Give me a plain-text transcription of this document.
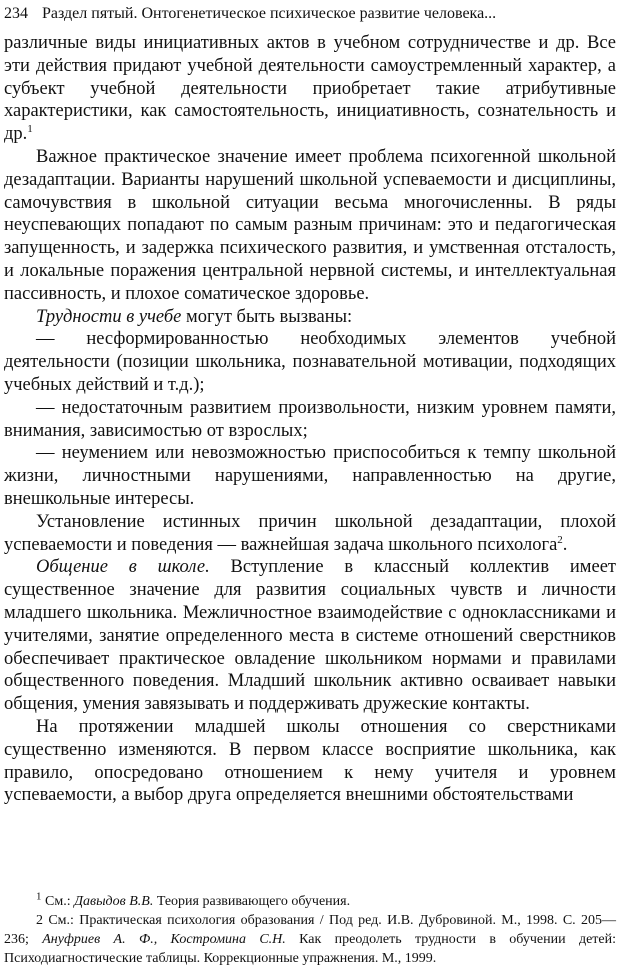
234 Раздел пятый. Онтогенетическое психическое развитие человека...

различные виды инициативных актов в учебном сотрудничестве и др. Все эти действия придают учебной деятельности самоустремленный характер, а субъект учебной деятельности приобретает такие атрибутивные характеристики, как самостоятельность, инициативность, сознательность и др.$^1$

Важное практическое значение имеет проблема психогенной школьной дезадаптации. Варианты нарушений школьной успеваемости и дисциплины, самочувствия в школьной ситуации весьма многочисленны. В ряды неуспевающих попадают по самым разным причинам: это и педагогическая запущенность, и задержка психического развития, и умственная отсталость, и локальные поражения центральной нервной системы, и интеллектуальная пассивность, и плохое соматическое здоровье.

Трудности в учебе могут быть вызваны:

— несформированностью необходимых элементов учебной деятельности (позиции школьника, познавательной мотивации, подходящих учебных действий и т.д.);

— недостаточным развитием произвольности, низким уровнем памяти, внимания, зависимостью от взрослых;

— неумением или невозможностью приспособиться к темпу школьной жизни, личностными нарушениями, направленностью на другие, внешкольные интересы.

Установление истинных причин школьной дезадаптации, плохой успеваемости и поведения — важнейшая задача школьного психолога$^2$.

Общение в школе. Вступление в классный коллектив имеет существенное значение для развития социальных чувств и личности младшего школьника. Межличностное взаимодействие с одноклассниками и учителями, занятие определенного места в системе отношений сверстников обеспечивает практическое овладение школьником нормами и правилами общественного поведения. Младший школьник активно осваивает навыки общения, умения завязывать и поддерживать дружеские контакты.

На протяжении младшей школы отношения со сверстниками существенно изменяются. В первом классе восприятие школьника, как правило, опосредовано отношением к нему учителя и уровнем успеваемости, а выбор друга определяется внешними обстоятельствами

$^1$ См.: Давыдов В.В. Теория развивающего обучения.

2 См.: Практическая психология образования / Под ред. И.В. Дубровиной. М., 1998. С. 205—236; Ануфриев А. Ф., Костромина С.Н. Как преодолеть трудности в обучении детей: Психодиагностические таблицы. Коррекционные упражнения. М., 1999.
